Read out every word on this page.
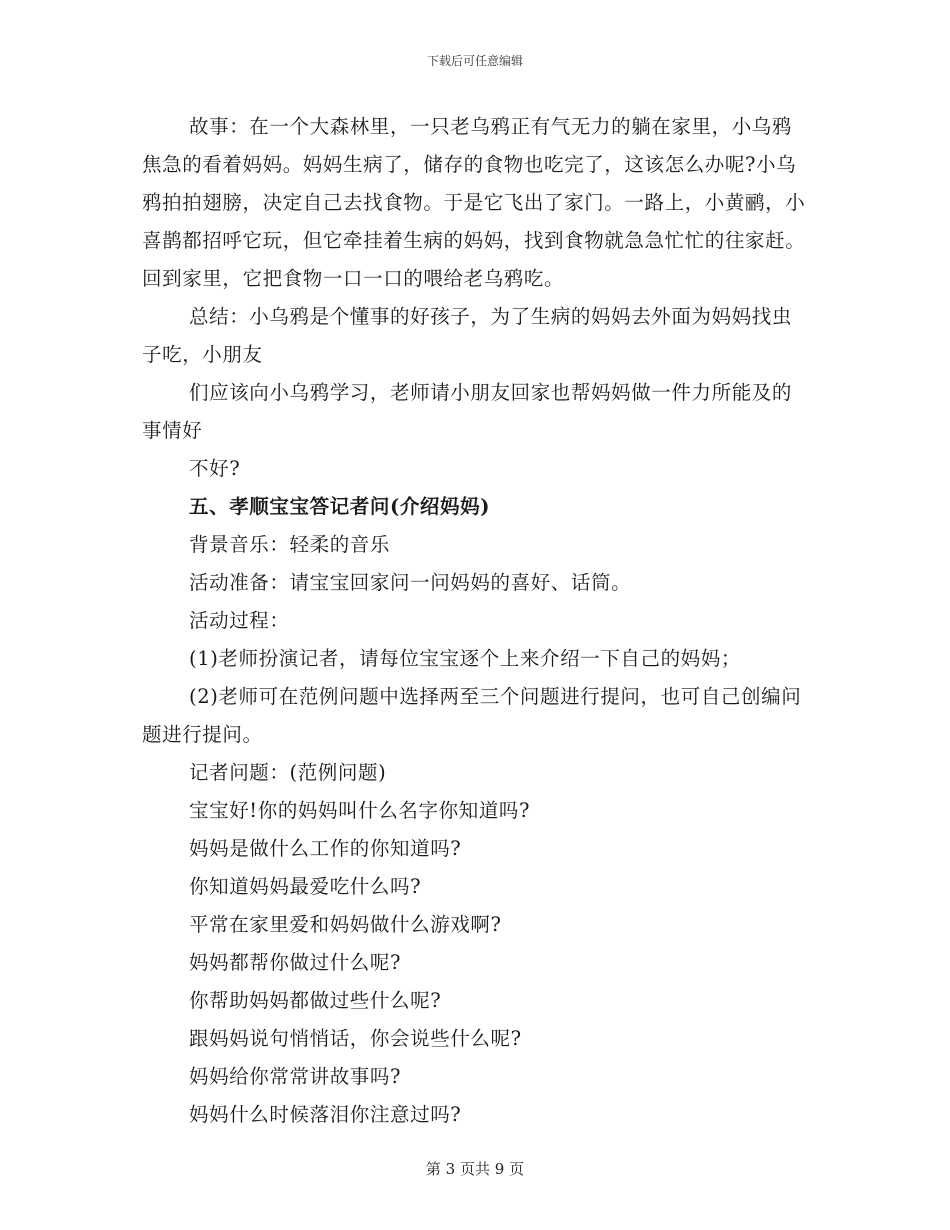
下载后可任意编辑

故事：在一个大森林里，一只老乌鸦正有气无力的躺在家里，小乌鸦焦急的看着妈妈。妈妈生病了，储存的食物也吃完了，这该怎么办呢?小乌鸦拍拍翅膀，决定自己去找食物。于是它飞出了家门。一路上，小黄鹂，小喜鹊都招呼它玩，但它牵挂着生病的妈妈，找到食物就急急忙忙的往家赶。回到家里，它把食物一口一口的喂给老乌鸦吃。

总结：小乌鸦是个懂事的好孩子，为了生病的妈妈去外面为妈妈找虫子吃，小朋友

们应该向小乌鸦学习，老师请小朋友回家也帮妈妈做一件力所能及的事情好

不好?

五、孝顺宝宝答记者问(介绍妈妈)

背景音乐：轻柔的音乐

活动准备：请宝宝回家问一问妈妈的喜好、话筒。

活动过程：

(1)老师扮演记者，请每位宝宝逐个上来介绍一下自己的妈妈；

(2)老师可在范例问题中选择两至三个问题进行提问，也可自己创编问题进行提问。

记者问题：(范例问题)

宝宝好!你的妈妈叫什么名字你知道吗?

妈妈是做什么工作的你知道吗?

你知道妈妈最爱吃什么吗?

平常在家里爱和妈妈做什么游戏啊?

妈妈都帮你做过什么呢?

你帮助妈妈都做过些什么呢?

跟妈妈说句悄悄话，你会说些什么呢?

妈妈给你常常讲故事吗?

妈妈什么时候落泪你注意过吗?

第 3 页共 9 页
